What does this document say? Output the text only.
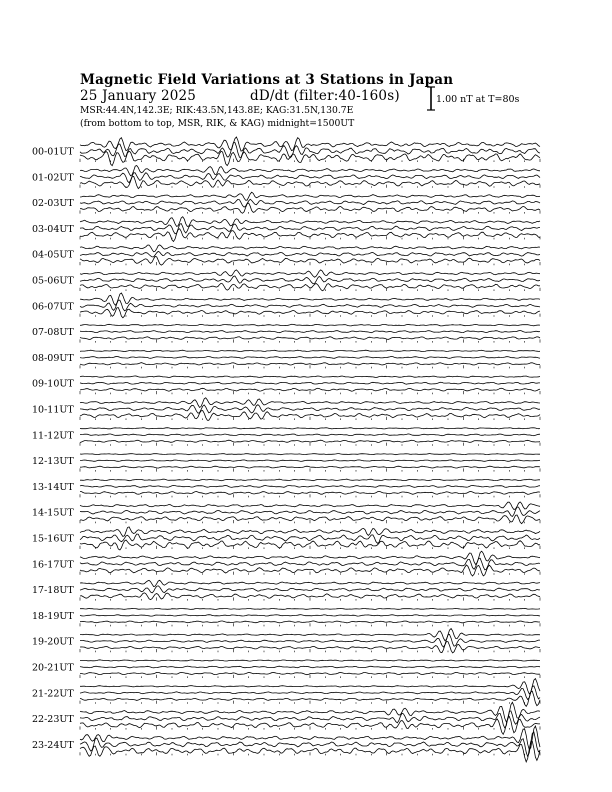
Magnetic Field Variations at 3 Stations in Japan
25 January 2025	dD/dt (filter:40-160s)
MSR:44.4N,142.3E; RIK:43.5N,143.8E; KAG:31.5N,130.7E
(from bottom to top, MSR, RIK, & KAG) midnight=1500UT
1.00 nT at T=80s
00-01UT
01-02UT
02-03UT
03-04UT
04-05UT
05-06UT
06-07UT
07-08UT
08-09UT
09-10UT
10-11UT
11-12UT
12-13UT
13-14UT
14-15UT
15-16UT
16-17UT
17-18UT
18-19UT
19-20UT
20-21UT
21-22UT
22-23UT
23-24UT
